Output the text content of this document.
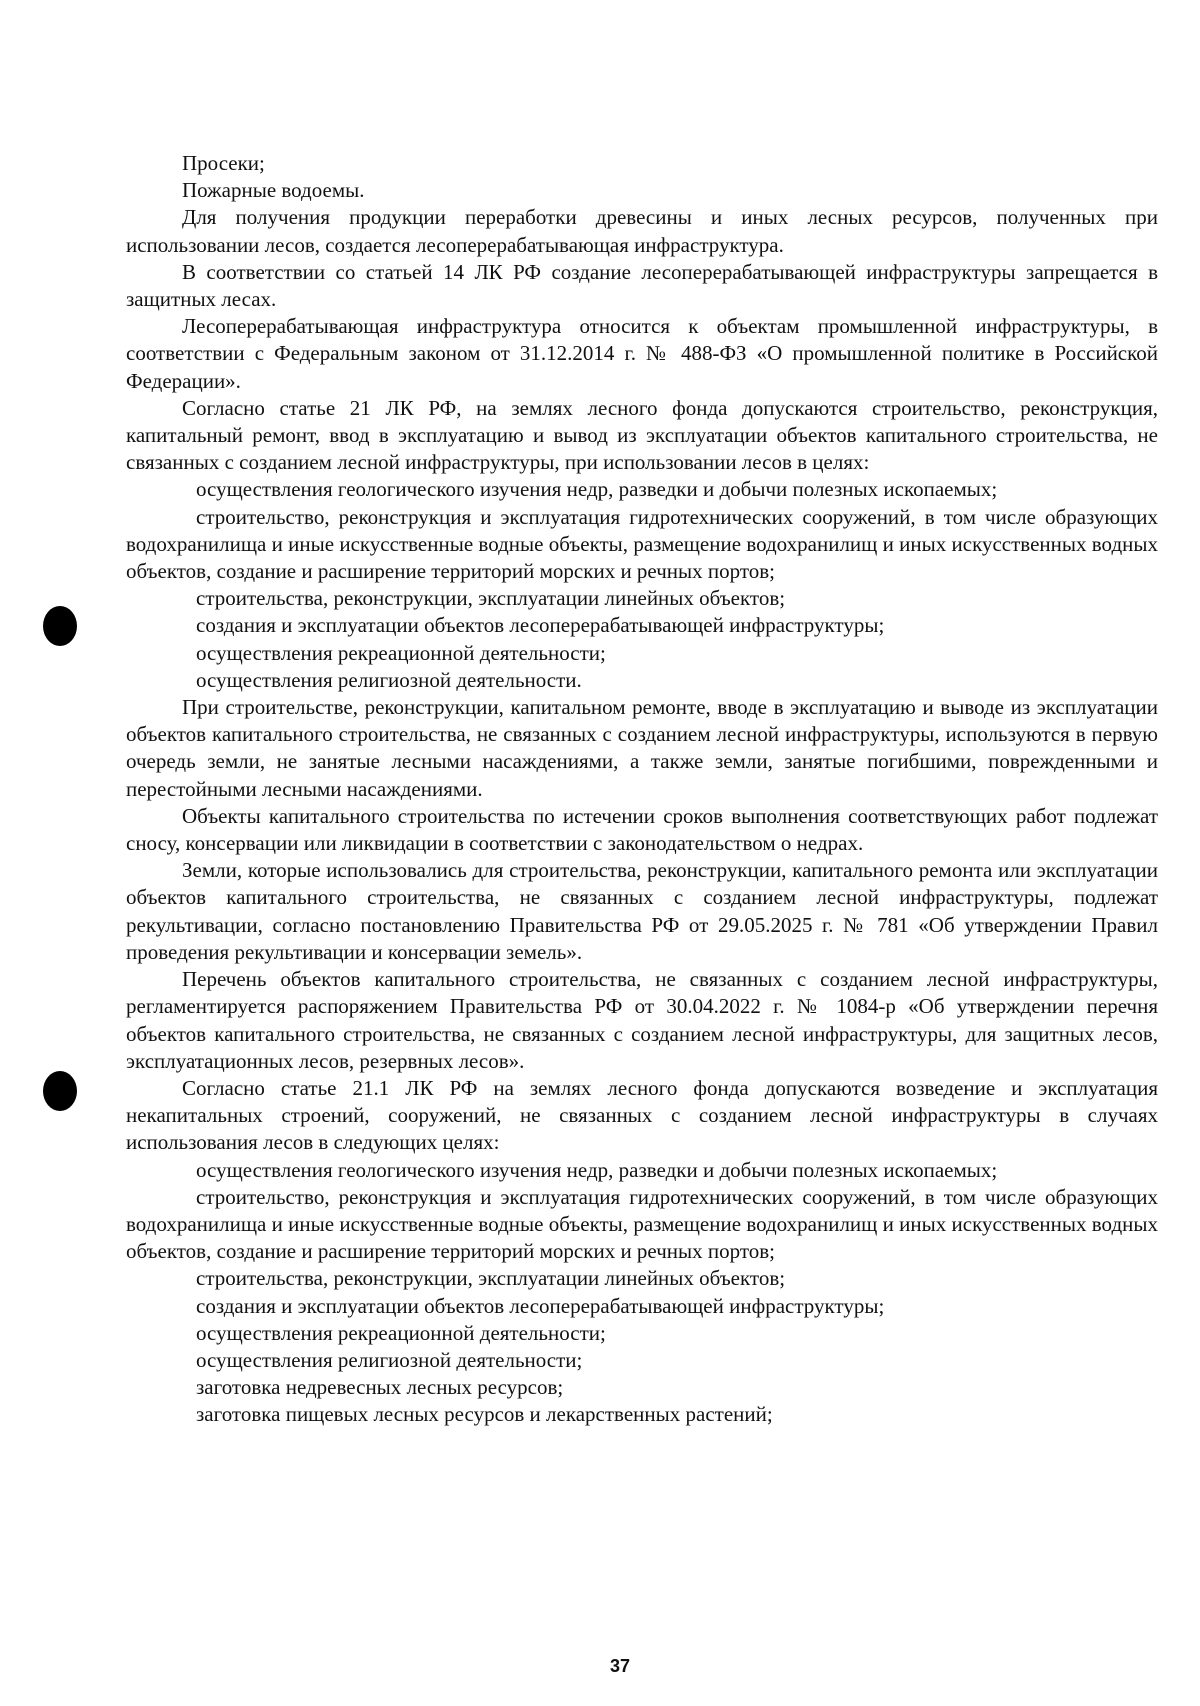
Просеки;

Пожарные водоемы.

Для получения продукции переработки древесины и иных лесных ресурсов, полученных при использовании лесов, создается лесоперерабатывающая инфраструктура.

В соответствии со статьей 14 ЛК РФ создание лесоперерабатывающей инфраструктуры запрещается в защитных лесах.

Лесоперерабатывающая инфраструктура относится к объектам промышленной инфраструктуры, в соответствии с Федеральным законом от 31.12.2014 г. № 488-ФЗ «О промышленной политике в Российской Федерации».

Согласно статье 21 ЛК РФ, на землях лесного фонда допускаются строительство, реконструкция, капитальный ремонт, ввод в эксплуатацию и вывод из эксплуатации объектов капитального строительства, не связанных с созданием лесной инфраструктуры, при использовании лесов в целях:

осуществления геологического изучения недр, разведки и добычи полезных ископаемых;

строительство, реконструкция и эксплуатация гидротехнических сооружений, в том числе образующих водохранилища и иные искусственные водные объекты, размещение водохранилищ и иных искусственных водных объектов, создание и расширение территорий морских и речных портов;

строительства, реконструкции, эксплуатации линейных объектов;

создания и эксплуатации объектов лесоперерабатывающей инфраструктуры;

осуществления рекреационной деятельности;

осуществления религиозной деятельности.

При строительстве, реконструкции, капитальном ремонте, вводе в эксплуатацию и выводе из эксплуатации объектов капитального строительства, не связанных с созданием лесной инфраструктуры, используются в первую очередь земли, не занятые лесными насаждениями, а также земли, занятые погибшими, поврежденными и перестойными лесными насаждениями.

Объекты капитального строительства по истечении сроков выполнения соответствующих работ подлежат сносу, консервации или ликвидации в соответствии с законодательством о недрах.

Земли, которые использовались для строительства, реконструкции, капитального ремонта или эксплуатации объектов капитального строительства, не связанных с созданием лесной инфраструктуры, подлежат рекультивации, согласно постановлению Правительства РФ от 29.05.2025 г. № 781 «Об утверждении Правил проведения рекультивации и консервации земель».

Перечень объектов капитального строительства, не связанных с созданием лесной инфраструктуры, регламентируется распоряжением Правительства РФ от 30.04.2022 г. № 1084-р «Об утверждении перечня объектов капитального строительства, не связанных с созданием лесной инфраструктуры, для защитных лесов, эксплуатационных лесов, резервных лесов».

Согласно статье 21.1 ЛК РФ на землях лесного фонда допускаются возведение и эксплуатация некапитальных строений, сооружений, не связанных с созданием лесной инфраструктуры в случаях использования лесов в следующих целях:

осуществления геологического изучения недр, разведки и добычи полезных ископаемых;

строительство, реконструкция и эксплуатация гидротехнических сооружений, в том числе образующих водохранилища и иные искусственные водные объекты, размещение водохранилищ и иных искусственных водных объектов, создание и расширение территорий морских и речных портов;

строительства, реконструкции, эксплуатации линейных объектов;

создания и эксплуатации объектов лесоперерабатывающей инфраструктуры;

осуществления рекреационной деятельности;

осуществления религиозной деятельности;

заготовка недревесных лесных ресурсов;

заготовка пищевых лесных ресурсов и лекарственных растений;

37
